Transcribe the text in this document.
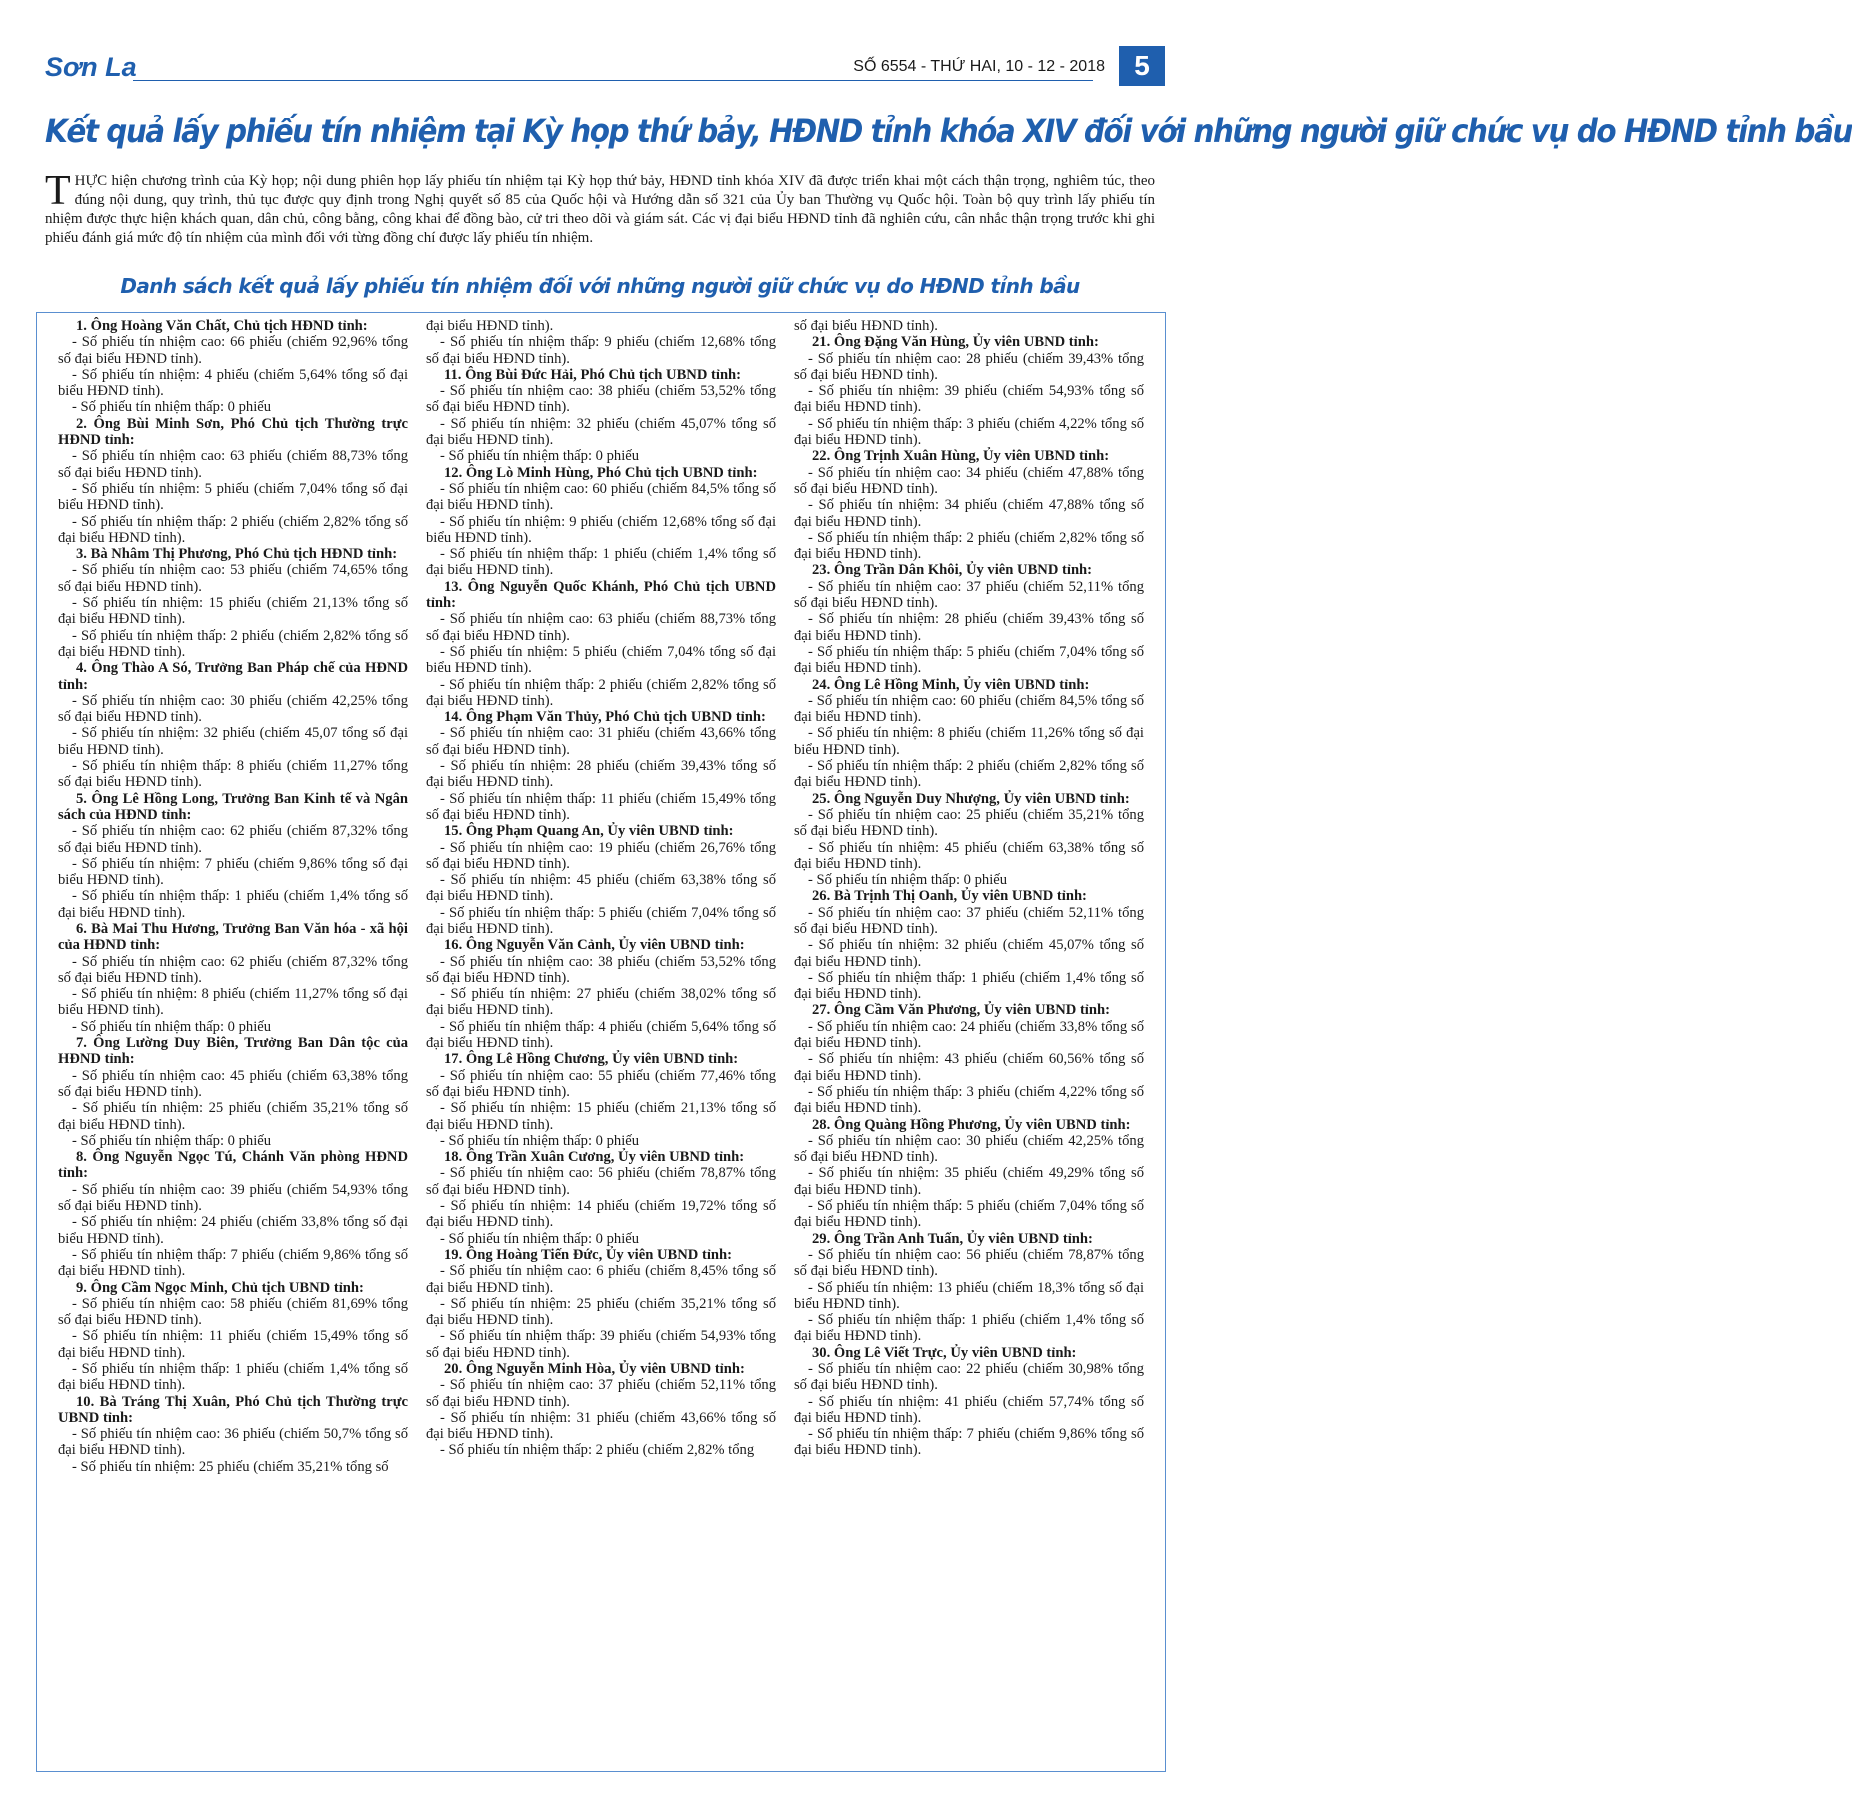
Sơn La	SỐ 6554 - THỨ HAI, 10 - 12 - 2018	5
Kết quả lấy phiếu tín nhiệm tại Kỳ họp thứ bảy, HĐND tỉnh khóa XIV đối với những người giữ chức vụ do HĐND tỉnh bầu
THỰC hiện chương trình của Kỳ họp; nội dung phiên họp lấy phiếu tín nhiệm tại Kỳ họp thứ bảy, HĐND tỉnh khóa XIV đã được triển khai một cách thận trọng, nghiêm túc, theo đúng nội dung, quy trình, thủ tục được quy định trong Nghị quyết số 85 của Quốc hội và Hướng dẫn số 321 của Ủy ban Thường vụ Quốc hội. Toàn bộ quy trình lấy phiếu tín nhiệm được thực hiện khách quan, dân chủ, công bằng, công khai để đồng bào, cử tri theo dõi và giám sát. Các vị đại biểu HĐND tỉnh đã nghiên cứu, cân nhắc thận trọng trước khi ghi phiếu đánh giá mức độ tín nhiệm của mình đối với từng đồng chí được lấy phiếu tín nhiệm.
Danh sách kết quả lấy phiếu tín nhiệm đối với những người giữ chức vụ do HĐND tỉnh bầu
1. Ông Hoàng Văn Chất, Chủ tịch HĐND tỉnh:
- Số phiếu tín nhiệm cao: 66 phiếu (chiếm 92,96% tổng số đại biểu HĐND tỉnh).
- Số phiếu tín nhiệm: 4 phiếu (chiếm 5,64% tổng số đại biểu HĐND tỉnh).
- Số phiếu tín nhiệm thấp: 0 phiếu
2. Ông Bùi Minh Sơn, Phó Chủ tịch Thường trực HĐND tỉnh:
- Số phiếu tín nhiệm cao: 63 phiếu (chiếm 88,73% tổng số đại biểu HĐND tỉnh).
- Số phiếu tín nhiệm: 5 phiếu (chiếm 7,04% tổng số đại biểu HĐND tỉnh).
- Số phiếu tín nhiệm thấp: 2 phiếu (chiếm 2,82% tổng số đại biểu HĐND tỉnh).
3. Bà Nhâm Thị Phương, Phó Chủ tịch HĐND tỉnh:
- Số phiếu tín nhiệm cao: 53 phiếu (chiếm 74,65% tổng số đại biểu HĐND tỉnh).
- Số phiếu tín nhiệm: 15 phiếu (chiếm 21,13% tổng số đại biểu HĐND tỉnh).
- Số phiếu tín nhiệm thấp: 2 phiếu (chiếm 2,82% tổng số đại biểu HĐND tỉnh).
4. Ông Thào A Só, Trưởng Ban Pháp chế của HĐND tỉnh:
- Số phiếu tín nhiệm cao: 30 phiếu (chiếm 42,25% tổng số đại biểu HĐND tỉnh).
- Số phiếu tín nhiệm: 32 phiếu (chiếm 45,07 tổng số đại biểu HĐND tỉnh).
- Số phiếu tín nhiệm thấp: 8 phiếu (chiếm 11,27% tổng số đại biểu HĐND tỉnh).
5. Ông Lê Hồng Long, Trưởng Ban Kinh tế và Ngân sách của HĐND tỉnh:
- Số phiếu tín nhiệm cao: 62 phiếu (chiếm 87,32% tổng số đại biểu HĐND tỉnh).
- Số phiếu tín nhiệm: 7 phiếu (chiếm 9,86% tổng số đại biểu HĐND tỉnh).
- Số phiếu tín nhiệm thấp: 1 phiếu (chiếm 1,4% tổng số đại biểu HĐND tỉnh).
6. Bà Mai Thu Hương, Trưởng Ban Văn hóa - xã hội của HĐND tỉnh:
- Số phiếu tín nhiệm cao: 62 phiếu (chiếm 87,32% tổng số đại biểu HĐND tỉnh).
- Số phiếu tín nhiệm: 8 phiếu (chiếm 11,27% tổng số đại biểu HĐND tỉnh).
- Số phiếu tín nhiệm thấp: 0 phiếu
7. Ông Lường Duy Biên, Trưởng Ban Dân tộc của HĐND tỉnh:
- Số phiếu tín nhiệm cao: 45 phiếu (chiếm 63,38% tổng số đại biểu HĐND tỉnh).
- Số phiếu tín nhiệm: 25 phiếu (chiếm 35,21% tổng số đại biểu HĐND tỉnh).
- Số phiếu tín nhiệm thấp: 0 phiếu
8. Ông Nguyễn Ngọc Tú, Chánh Văn phòng HĐND tỉnh:
- Số phiếu tín nhiệm cao: 39 phiếu (chiếm 54,93% tổng số đại biểu HĐND tỉnh).
- Số phiếu tín nhiệm: 24 phiếu (chiếm 33,8% tổng số đại biểu HĐND tỉnh).
- Số phiếu tín nhiệm thấp: 7 phiếu (chiếm 9,86% tổng số đại biểu HĐND tỉnh).
9. Ông Cầm Ngọc Minh, Chủ tịch UBND tỉnh:
- Số phiếu tín nhiệm cao: 58 phiếu (chiếm 81,69% tổng số đại biểu HĐND tỉnh).
- Số phiếu tín nhiệm: 11 phiếu (chiếm 15,49% tổng số đại biểu HĐND tỉnh).
- Số phiếu tín nhiệm thấp: 1 phiếu (chiếm 1,4% tổng số đại biểu HĐND tỉnh).
10. Bà Tráng Thị Xuân, Phó Chủ tịch Thường trực UBND tỉnh:
- Số phiếu tín nhiệm cao: 36 phiếu (chiếm 50,7% tổng số đại biểu HĐND tỉnh).
- Số phiếu tín nhiệm: 25 phiếu (chiếm 35,21% tổng số
đại biểu HĐND tỉnh).
- Số phiếu tín nhiệm thấp: 9 phiếu (chiếm 12,68% tổng số đại biểu HĐND tỉnh).
11. Ông Bùi Đức Hải, Phó Chủ tịch UBND tỉnh:
- Số phiếu tín nhiệm cao: 38 phiếu (chiếm 53,52% tổng số đại biểu HĐND tỉnh).
- Số phiếu tín nhiệm: 32 phiếu (chiếm 45,07% tổng số đại biểu HĐND tỉnh).
- Số phiếu tín nhiệm thấp: 0 phiếu
12. Ông Lò Minh Hùng, Phó Chủ tịch UBND tỉnh:
- Số phiếu tín nhiệm cao: 60 phiếu (chiếm 84,5% tổng số đại biểu HĐND tỉnh).
- Số phiếu tín nhiệm: 9 phiếu (chiếm 12,68% tổng số đại biểu HĐND tỉnh).
- Số phiếu tín nhiệm thấp: 1 phiếu (chiếm 1,4% tổng số đại biểu HĐND tỉnh).
13. Ông Nguyễn Quốc Khánh, Phó Chủ tịch UBND tỉnh:
- Số phiếu tín nhiệm cao: 63 phiếu (chiếm 88,73% tổng số đại biểu HĐND tỉnh).
- Số phiếu tín nhiệm: 5 phiếu (chiếm 7,04% tổng số đại biểu HĐND tỉnh).
- Số phiếu tín nhiệm thấp: 2 phiếu (chiếm 2,82% tổng số đại biểu HĐND tỉnh).
14. Ông Phạm Văn Thủy, Phó Chủ tịch UBND tỉnh:
- Số phiếu tín nhiệm cao: 31 phiếu (chiếm 43,66% tổng số đại biểu HĐND tỉnh).
- Số phiếu tín nhiệm: 28 phiếu (chiếm 39,43% tổng số đại biểu HĐND tỉnh).
- Số phiếu tín nhiệm thấp: 11 phiếu (chiếm 15,49% tổng số đại biểu HĐND tỉnh).
15. Ông Phạm Quang An, Ủy viên UBND tỉnh:
- Số phiếu tín nhiệm cao: 19 phiếu (chiếm 26,76% tổng số đại biểu HĐND tỉnh).
- Số phiếu tín nhiệm: 45 phiếu (chiếm 63,38% tổng số đại biểu HĐND tỉnh).
- Số phiếu tín nhiệm thấp: 5 phiếu (chiếm 7,04% tổng số đại biểu HĐND tỉnh).
16. Ông Nguyễn Văn Cảnh, Ủy viên UBND tỉnh:
- Số phiếu tín nhiệm cao: 38 phiếu (chiếm 53,52% tổng số đại biểu HĐND tỉnh).
- Số phiếu tín nhiệm: 27 phiếu (chiếm 38,02% tổng số đại biểu HĐND tỉnh).
- Số phiếu tín nhiệm thấp: 4 phiếu (chiếm 5,64% tổng số đại biểu HĐND tỉnh).
17. Ông Lê Hồng Chương, Ủy viên UBND tỉnh:
- Số phiếu tín nhiệm cao: 55 phiếu (chiếm 77,46% tổng số đại biểu HĐND tỉnh).
- Số phiếu tín nhiệm: 15 phiếu (chiếm 21,13% tổng số đại biểu HĐND tỉnh).
- Số phiếu tín nhiệm thấp: 0 phiếu
18. Ông Trần Xuân Cương, Ủy viên UBND tỉnh:
- Số phiếu tín nhiệm cao: 56 phiếu (chiếm 78,87% tổng số đại biểu HĐND tỉnh).
- Số phiếu tín nhiệm: 14 phiếu (chiếm 19,72% tổng số đại biểu HĐND tỉnh).
- Số phiếu tín nhiệm thấp: 0 phiếu
19. Ông Hoàng Tiến Đức, Ủy viên UBND tỉnh:
- Số phiếu tín nhiệm cao: 6 phiếu (chiếm 8,45% tổng số đại biểu HĐND tỉnh).
- Số phiếu tín nhiệm: 25 phiếu (chiếm 35,21% tổng số đại biểu HĐND tỉnh).
- Số phiếu tín nhiệm thấp: 39 phiếu (chiếm 54,93% tổng số đại biểu HĐND tỉnh).
20. Ông Nguyễn Minh Hòa, Ủy viên UBND tỉnh:
- Số phiếu tín nhiệm cao: 37 phiếu (chiếm 52,11% tổng số đại biểu HĐND tỉnh).
- Số phiếu tín nhiệm: 31 phiếu (chiếm 43,66% tổng số đại biểu HĐND tỉnh).
- Số phiếu tín nhiệm thấp: 2 phiếu (chiếm 2,82% tổng
số đại biểu HĐND tỉnh).
21. Ông Đặng Văn Hùng, Ủy viên UBND tỉnh:
- Số phiếu tín nhiệm cao: 28 phiếu (chiếm 39,43% tổng số đại biểu HĐND tỉnh).
- Số phiếu tín nhiệm: 39 phiếu (chiếm 54,93% tổng số đại biểu HĐND tỉnh).
- Số phiếu tín nhiệm thấp: 3 phiếu (chiếm 4,22% tổng số đại biểu HĐND tỉnh).
22. Ông Trịnh Xuân Hùng, Ủy viên UBND tỉnh:
- Số phiếu tín nhiệm cao: 34 phiếu (chiếm 47,88% tổng số đại biểu HĐND tỉnh).
- Số phiếu tín nhiệm: 34 phiếu (chiếm 47,88% tổng số đại biểu HĐND tỉnh).
- Số phiếu tín nhiệm thấp: 2 phiếu (chiếm 2,82% tổng số đại biểu HĐND tỉnh).
23. Ông Trần Dân Khôi, Ủy viên UBND tỉnh:
- Số phiếu tín nhiệm cao: 37 phiếu (chiếm 52,11% tổng số đại biểu HĐND tỉnh).
- Số phiếu tín nhiệm: 28 phiếu (chiếm 39,43% tổng số đại biểu HĐND tỉnh).
- Số phiếu tín nhiệm thấp: 5 phiếu (chiếm 7,04% tổng số đại biểu HĐND tỉnh).
24. Ông Lê Hồng Minh, Ủy viên UBND tỉnh:
- Số phiếu tín nhiệm cao: 60 phiếu (chiếm 84,5% tổng số đại biểu HĐND tỉnh).
- Số phiếu tín nhiệm: 8 phiếu (chiếm 11,26% tổng số đại biểu HĐND tỉnh).
- Số phiếu tín nhiệm thấp: 2 phiếu (chiếm 2,82% tổng số đại biểu HĐND tỉnh).
25. Ông Nguyễn Duy Nhượng, Ủy viên UBND tỉnh:
- Số phiếu tín nhiệm cao: 25 phiếu (chiếm 35,21% tổng số đại biểu HĐND tỉnh).
- Số phiếu tín nhiệm: 45 phiếu (chiếm 63,38% tổng số đại biểu HĐND tỉnh).
- Số phiếu tín nhiệm thấp: 0 phiếu
26. Bà Trịnh Thị Oanh, Ủy viên UBND tỉnh:
- Số phiếu tín nhiệm cao: 37 phiếu (chiếm 52,11% tổng số đại biểu HĐND tỉnh).
- Số phiếu tín nhiệm: 32 phiếu (chiếm 45,07% tổng số đại biểu HĐND tỉnh).
- Số phiếu tín nhiệm thấp: 1 phiếu (chiếm 1,4% tổng số đại biểu HĐND tỉnh).
27. Ông Cầm Văn Phương, Ủy viên UBND tỉnh:
- Số phiếu tín nhiệm cao: 24 phiếu (chiếm 33,8% tổng số đại biểu HĐND tỉnh).
- Số phiếu tín nhiệm: 43 phiếu (chiếm 60,56% tổng số đại biểu HĐND tỉnh).
- Số phiếu tín nhiệm thấp: 3 phiếu (chiếm 4,22% tổng số đại biểu HĐND tỉnh).
28. Ông Quàng Hồng Phương, Ủy viên UBND tỉnh:
- Số phiếu tín nhiệm cao: 30 phiếu (chiếm 42,25% tổng số đại biểu HĐND tỉnh).
- Số phiếu tín nhiệm: 35 phiếu (chiếm 49,29% tổng số đại biểu HĐND tỉnh).
- Số phiếu tín nhiệm thấp: 5 phiếu (chiếm 7,04% tổng số đại biểu HĐND tỉnh).
29. Ông Trần Anh Tuấn, Ủy viên UBND tỉnh:
- Số phiếu tín nhiệm cao: 56 phiếu (chiếm 78,87% tổng số đại biểu HĐND tỉnh).
- Số phiếu tín nhiệm: 13 phiếu (chiếm 18,3% tổng số đại biểu HĐND tỉnh).
- Số phiếu tín nhiệm thấp: 1 phiếu (chiếm 1,4% tổng số đại biểu HĐND tỉnh).
30. Ông Lê Viết Trực, Ủy viên UBND tỉnh:
- Số phiếu tín nhiệm cao: 22 phiếu (chiếm 30,98% tổng số đại biểu HĐND tỉnh).
- Số phiếu tín nhiệm: 41 phiếu (chiếm 57,74% tổng số đại biểu HĐND tỉnh).
- Số phiếu tín nhiệm thấp: 7 phiếu (chiếm 9,86% tổng số đại biểu HĐND tỉnh).
